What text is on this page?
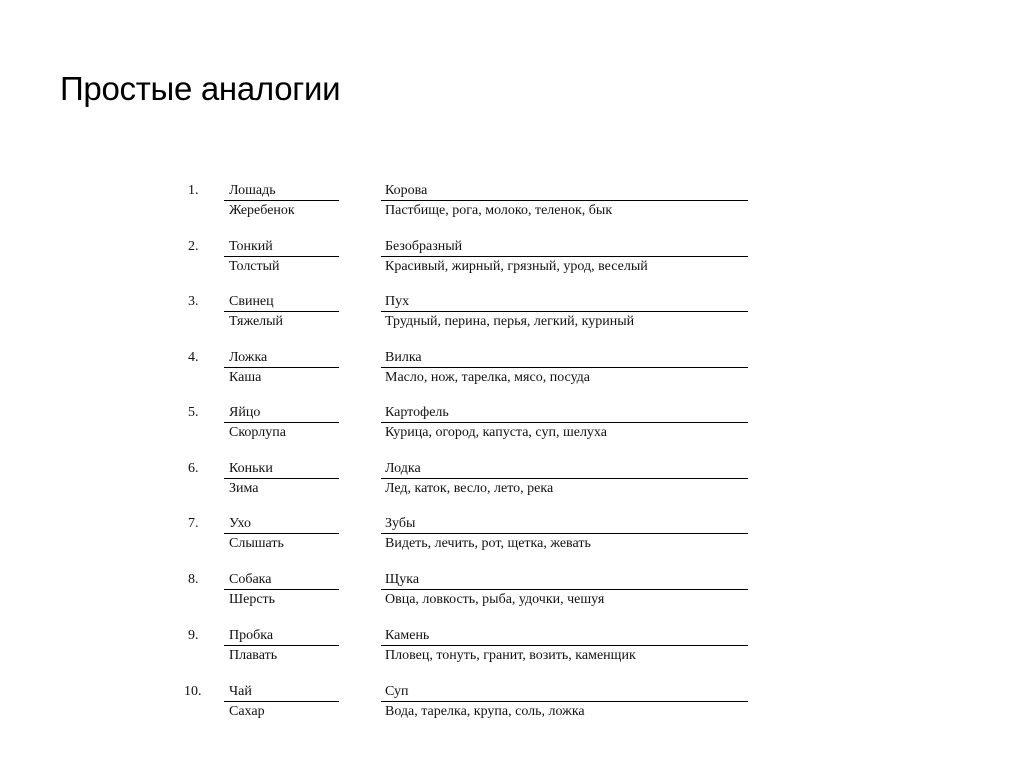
Простые аналогии
1. Лошадь
Жеребенок
Корова
Пастбище, рога, молоко, теленок, бык
2. Тонкий
Толстый
Безобразный
Красивый, жирный, грязный, урод, веселый
3. Свинец
Тяжелый
Пух
Трудный, перина, перья, легкий, куриный
4. Ложка
Каша
Вилка
Масло, нож, тарелка, мясо, посуда
5. Яйцо
Скорлупа
Картофель
Курица, огород, капуста, суп, шелуха
6. Коньки
Зима
Лодка
Лед, каток, весло, лето, река
7. Ухо
Слышать
Зубы
Видеть, лечить, рот, щетка, жевать
8. Собака
Шерсть
Щука
Овца, ловкость, рыба, удочки, чешуя
9. Пробка
Плавать
Камень
Пловец, тонуть, гранит, возить, каменщик
10. Чай
Сахар
Суп
Вода, тарелка, крупа, соль, ложка
